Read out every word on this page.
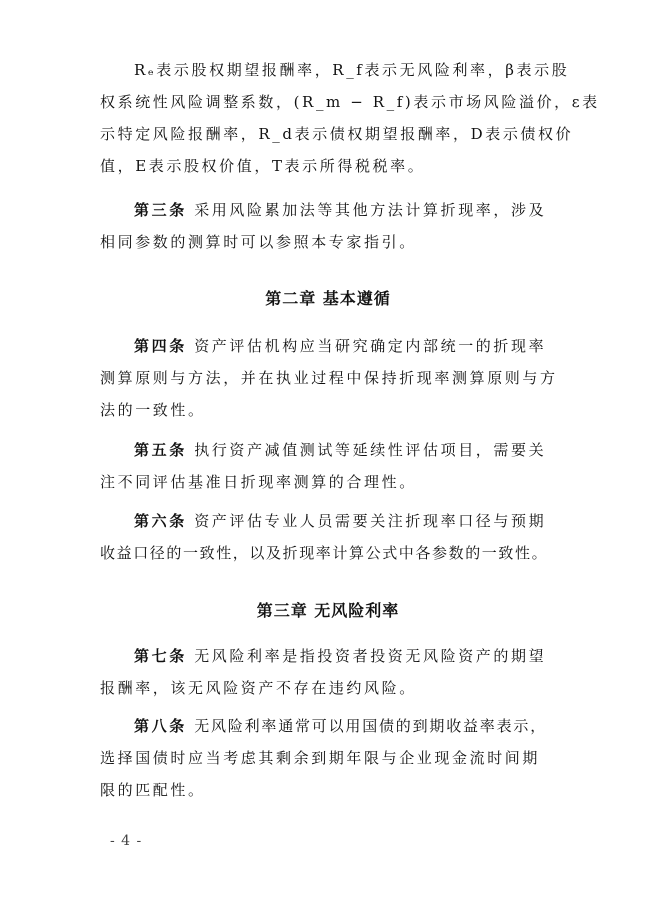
Rₑ表示股权期望报酬率，R_f表示无风险利率，β表示股
权系统性风险调整系数，(R_m − R_f)表示市场风险溢价，ε表
示特定风险报酬率，R_d表示债权期望报酬率，D表示债权价
值，E表示股权价值，T表示所得税税率。
第三条 采用风险累加法等其他方法计算折现率，涉及
相同参数的测算时可以参照本专家指引。

第二章 基本遵循

第四条 资产评估机构应当研究确定内部统一的折现率
测算原则与方法，并在执业过程中保持折现率测算原则与方
法的一致性。
第五条 执行资产减值测试等延续性评估项目，需要关
注不同评估基准日折现率测算的合理性。
第六条 资产评估专业人员需要关注折现率口径与预期
收益口径的一致性，以及折现率计算公式中各参数的一致性。

第三章 无风险利率

第七条 无风险利率是指投资者投资无风险资产的期望
报酬率，该无风险资产不存在违约风险。
第八条 无风险利率通常可以用国债的到期收益率表示，
选择国债时应当考虑其剩余到期年限与企业现金流时间期
限的匹配性。
- 4 -
